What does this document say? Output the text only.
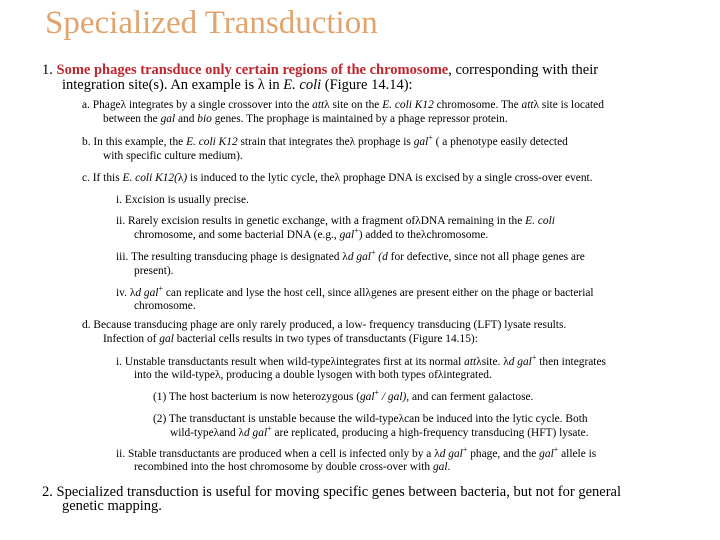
Specialized Transduction
1. Some phages transduce only certain regions of the chromosome, corresponding with their
integration site(s). An example is λ in E. coli (Figure 14.14):
a. Phageλ integrates by a single crossover into the attλ site on the E. coli K12 chromosome. The attλ site is located
between the gal and bio genes. The prophage is maintained by a phage repressor protein.
b. In this example, the E. coli K12 strain that integrates theλ prophage is gal+ ( a phenotype easily detected
with specific culture medium).
c. If this E. coli K12(λ) is induced to the lytic cycle, theλ prophage DNA is excised by a single cross-over event.
i. Excision is usually precise.
ii. Rarely excision results in genetic exchange, with a fragment ofλDNA remaining in the E. coli
chromosome, and some bacterial DNA (e.g., gal+) added to theλchromosome.
iii. The resulting transducing phage is designated λd gal+ (d for defective, since not all phage genes are
present).
iv. λd gal+ can replicate and lyse the host cell, since allλgenes are present either on the phage or bacterial
chromosome.
d. Because transducing phage are only rarely produced, a low- frequency transducing (LFT) lysate results.
Infection of gal bacterial cells results in two types of transductants (Figure 14.15):
i. Unstable transductants result when wild-typeλintegrates first at its normal attλsite. λd gal+ then integrates
into the wild-typeλ, producing a double lysogen with both types ofλintegrated.
(1) The host bacterium is now heterozygous (gal+ / gal), and can ferment galactose.
(2) The transductant is unstable because the wild-typeλcan be induced into the lytic cycle. Both
wild-typeλand λd gal+ are replicated, producing a high-frequency transducing (HFT) lysate.
ii. Stable transductants are produced when a cell is infected only by a λd gal+ phage, and the gal+ allele is
recombined into the host chromosome by double cross-over with gal.
2. Specialized transduction is useful for moving specific genes between bacteria, but not for general
genetic mapping.
